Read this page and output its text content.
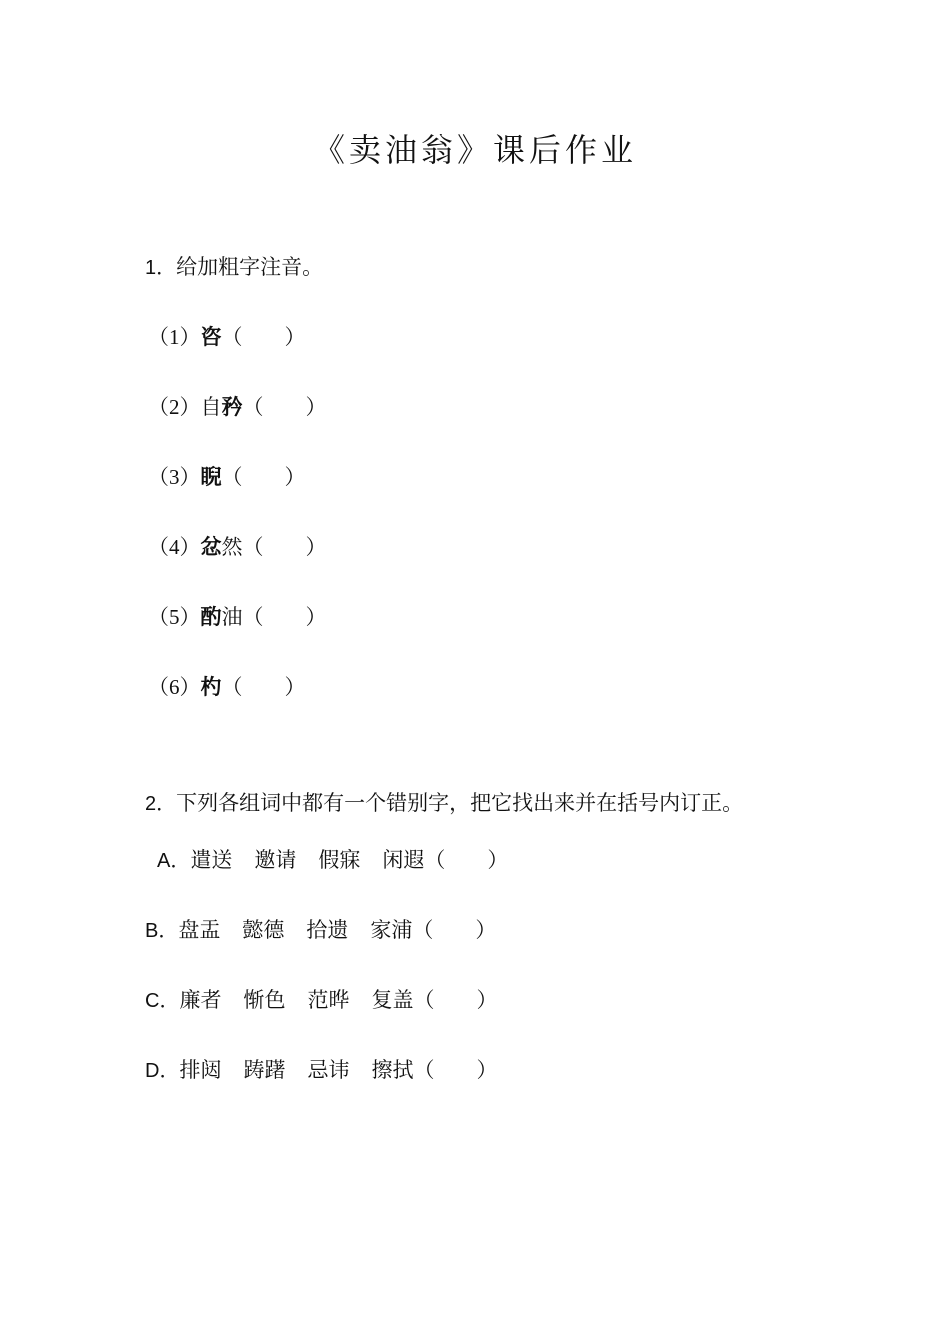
《卖油翁》课后作业
1．给加粗字注音。
（1）咨（　　）
（2）自矜（　　）
（3）睨（　　）
（4）忿然（　　）
（5）酌油（　　）
（6）杓（　　）
2．下列各组词中都有一个错别字，把它找出来并在括号内订正。
A．遣送 邀请 假寐 闲遐（　　）
B．盘盂 懿德 拾遗 家浦（　　）
C．廉者 惭色 范晔 复盖（　　）
D．排闼 踌躇 忌讳 擦拭（　　）
